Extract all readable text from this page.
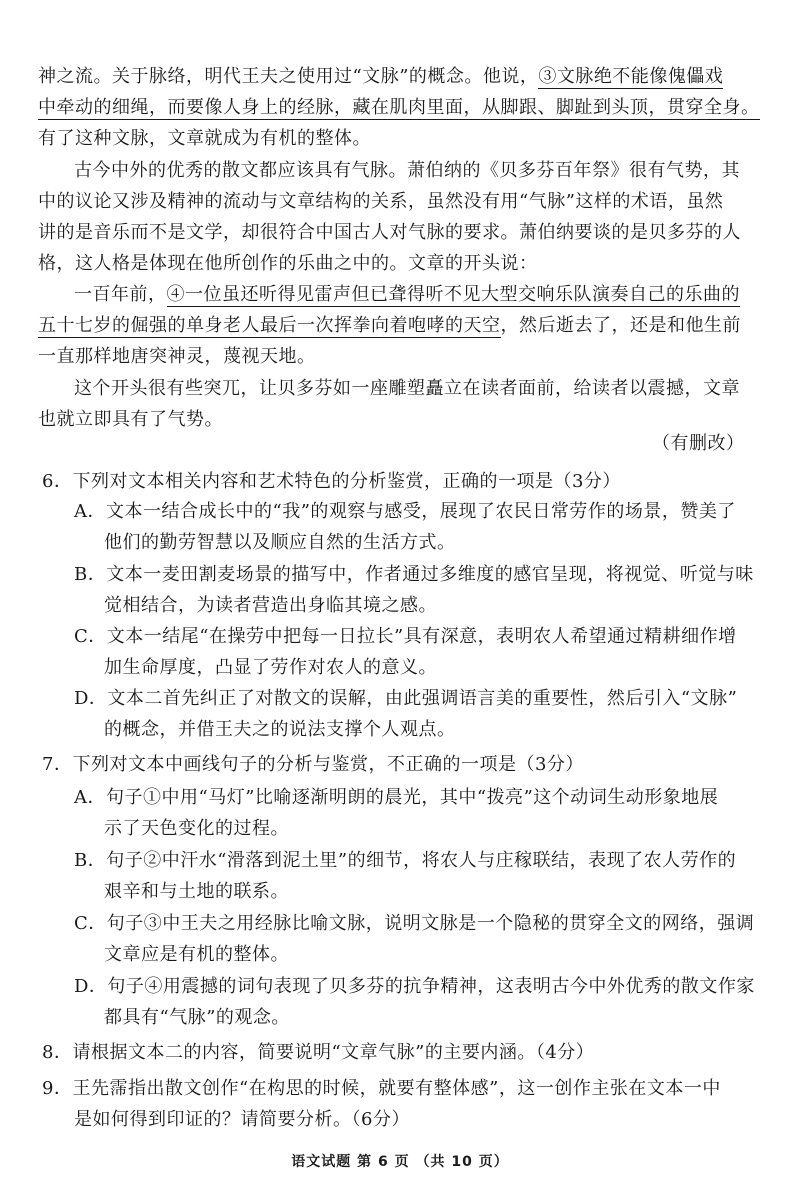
神之流。关于脉络，明代王夫之使用过“文脉”的概念。他说，③文脉绝不能像傀儡戏
中牵动的细绳，而要像人身上的经脉，藏在肌肉里面，从脚跟、脚趾到头顶，贯穿全身。
有了这种文脉，文章就成为有机的整体。
古今中外的优秀的散文都应该具有气脉。萧伯纳的《贝多芬百年祭》很有气势，其
中的议论又涉及精神的流动与文章结构的关系，虽然没有用“气脉”这样的术语，虽然
讲的是音乐而不是文学，却很符合中国古人对气脉的要求。萧伯纳要谈的是贝多芬的人
格，这人格是体现在他所创作的乐曲之中的。文章的开头说：
一百年前，④一位虽还听得见雷声但已聋得听不见大型交响乐队演奏自己的乐曲的
五十七岁的倔强的单身老人最后一次挥拳向着咆哮的天空，然后逝去了，还是和他生前
一直那样地唐突神灵，蔑视天地。
这个开头很有些突兀，让贝多芬如一座雕塑矗立在读者面前，给读者以震撼，文章
也就立即具有了气势。
（有删改）
6．下列对文本相关内容和艺术特色的分析鉴赏，正确的一项是（3分）
A．文本一结合成长中的“我”的观察与感受，展现了农民日常劳作的场景，赞美了
他们的勤劳智慧以及顺应自然的生活方式。
B．文本一麦田割麦场景的描写中，作者通过多维度的感官呈现，将视觉、听觉与味
觉相结合，为读者营造出身临其境之感。
C．文本一结尾“在操劳中把每一日拉长”具有深意，表明农人希望通过精耕细作增
加生命厚度，凸显了劳作对农人的意义。
D．文本二首先纠正了对散文的误解，由此强调语言美的重要性，然后引入“文脉”
的概念，并借王夫之的说法支撑个人观点。
7．下列对文本中画线句子的分析与鉴赏，不正确的一项是（3分）
A．句子①中用“马灯”比喻逐渐明朗的晨光，其中“拨亮”这个动词生动形象地展
示了天色变化的过程。
B．句子②中汗水“滑落到泥土里”的细节，将农人与庄稼联结，表现了农人劳作的
艰辛和与土地的联系。
C．句子③中王夫之用经脉比喻文脉，说明文脉是一个隐秘的贯穿全文的网络，强调
文章应是有机的整体。
D．句子④用震撼的词句表现了贝多芬的抗争精神，这表明古今中外优秀的散文作家
都具有“气脉”的观念。
8．请根据文本二的内容，简要说明“文章气脉”的主要内涵。（4分）
9．王先霈指出散文创作“在构思的时候，就要有整体感”，这一创作主张在文本一中
是如何得到印证的？请简要分析。（6分）
语文试题 第 6 页 （共 10 页）
